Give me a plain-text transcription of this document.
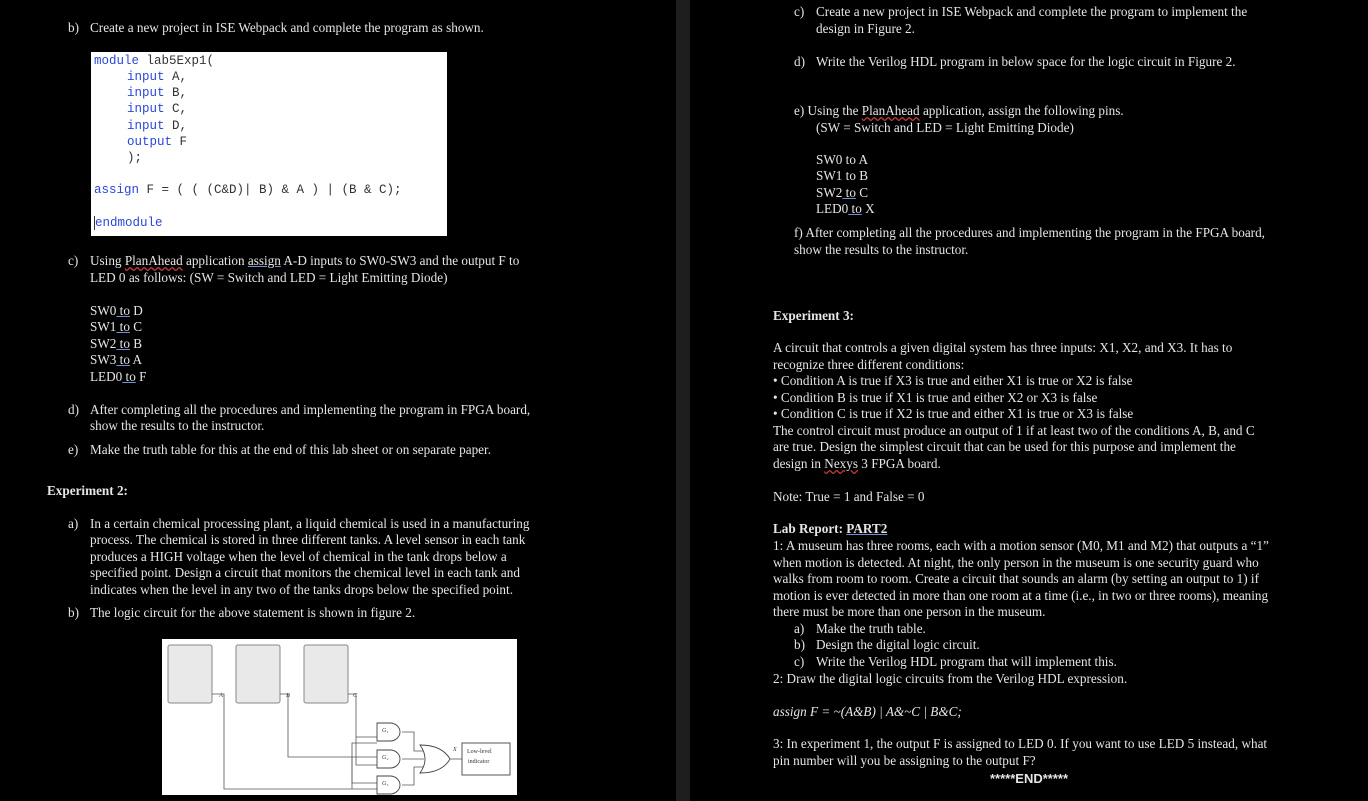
b) Create a new project in ISE Webpack and complete the program as shown.
module lab5Exp1(
input A,
input B,
input C,
input D,
output F
);
assign F = ( ( (C&D)| B) & A ) | (B & C);
endmodule
c) Using PlanAhead application assign A-D inputs to SW0-SW3 and the output F to
LED 0 as follows: (SW = Switch and LED = Light Emitting Diode)
SW0 to D
SW1 to C
SW2 to B
SW3 to A
LED0 to F
d) After completing all the procedures and implementing the program in FPGA board,
show the results to the instructor.
e) Make the truth table for this at the end of this lab sheet or on separate paper.
Experiment 2:
a) In a certain chemical processing plant, a liquid chemical is used in a manufacturing
process. The chemical is stored in three different tanks. A level sensor in each tank
produces a HIGH voltage when the level of chemical in the tank drops below a
specified point. Design a circuit that monitors the chemical level in each tank and
indicates when the level in any two of the tanks drops below the specified point.
b) The logic circuit for the above statement is shown in figure 2.
A	B	C
G₁
G₂
G₃
X Low-level
indicator
c) Create a new project in ISE Webpack and complete the program to implement the
design in Figure 2.
d) Write the Verilog HDL program in below space for the logic circuit in Figure 2.
e) Using the PlanAhead application, assign the following pins.
(SW = Switch and LED = Light Emitting Diode)
SW0 to A
SW1 to B
SW2 to C
LED0 to X
f) After completing all the procedures and implementing the program in the FPGA board,
show the results to the instructor.
Experiment 3:
A circuit that controls a given digital system has three inputs: X1, X2, and X3. It has to
recognize three different conditions:
• Condition A is true if X3 is true and either X1 is true or X2 is false
• Condition B is true if X1 is true and either X2 or X3 is false
• Condition C is true if X2 is true and either X1 is true or X3 is false
The control circuit must produce an output of 1 if at least two of the conditions A, B, and C
are true. Design the simplest circuit that can be used for this purpose and implement the
design in Nexys 3 FPGA board.
Note: True = 1 and False = 0
Lab Report: PART2
1: A museum has three rooms, each with a motion sensor (M0, M1 and M2) that outputs a “1”
when motion is detected. At night, the only person in the museum is one security guard who
walks from room to room. Create a circuit that sounds an alarm (by setting an output to 1) if
motion is ever detected in more than one room at a time (i.e., in two or three rooms), meaning
there must be more than one person in the museum.
a) Make the truth table.
b) Design the digital logic circuit.
c) Write the Verilog HDL program that will implement this.
2: Draw the digital logic circuits from the Verilog HDL expression.
assign F = ~(A&B) | A&~C | B&C;
3: In experiment 1, the output F is assigned to LED 0. If you want to use LED 5 instead, what
pin number will you be assigning to the output F?
*****END*****
